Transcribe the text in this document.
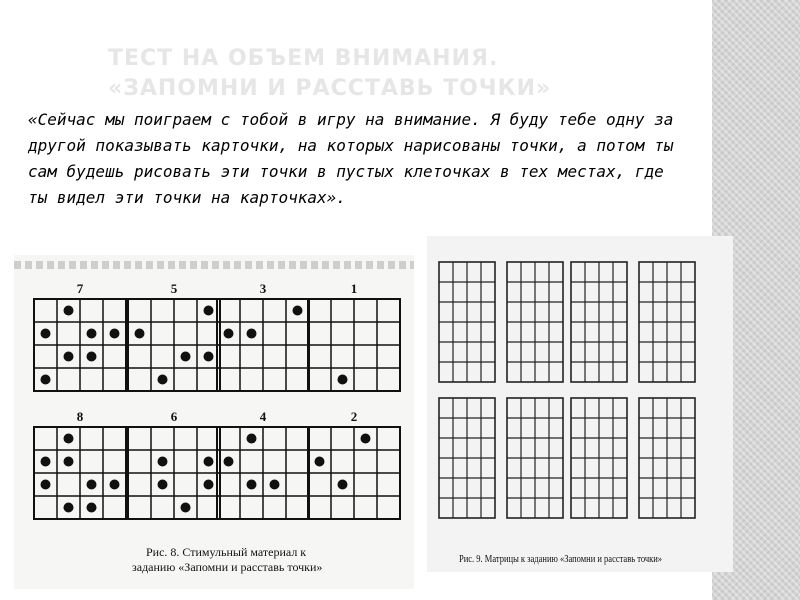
ТЕСТ НА ОБЪЕМ ВНИМАНИЯ.
«ЗАПОМНИ И РАССТАВЬ ТОЧКИ»
«Сейчас мы поиграем с тобой в игру на внимание. Я буду тебе одну за другой показывать карточки, на которых нарисованы точки, а потом ты сам будешь рисовать эти точки в пустых клеточках в тех местах, где ты видел эти точки на карточках».
7	5	3	1
8	6	4	2
Рис. 8. Стимульный материал к
заданию «Запомни и расставь точки»
Рис. 9. Матрицы к заданию «Запомни и расставь точки»
